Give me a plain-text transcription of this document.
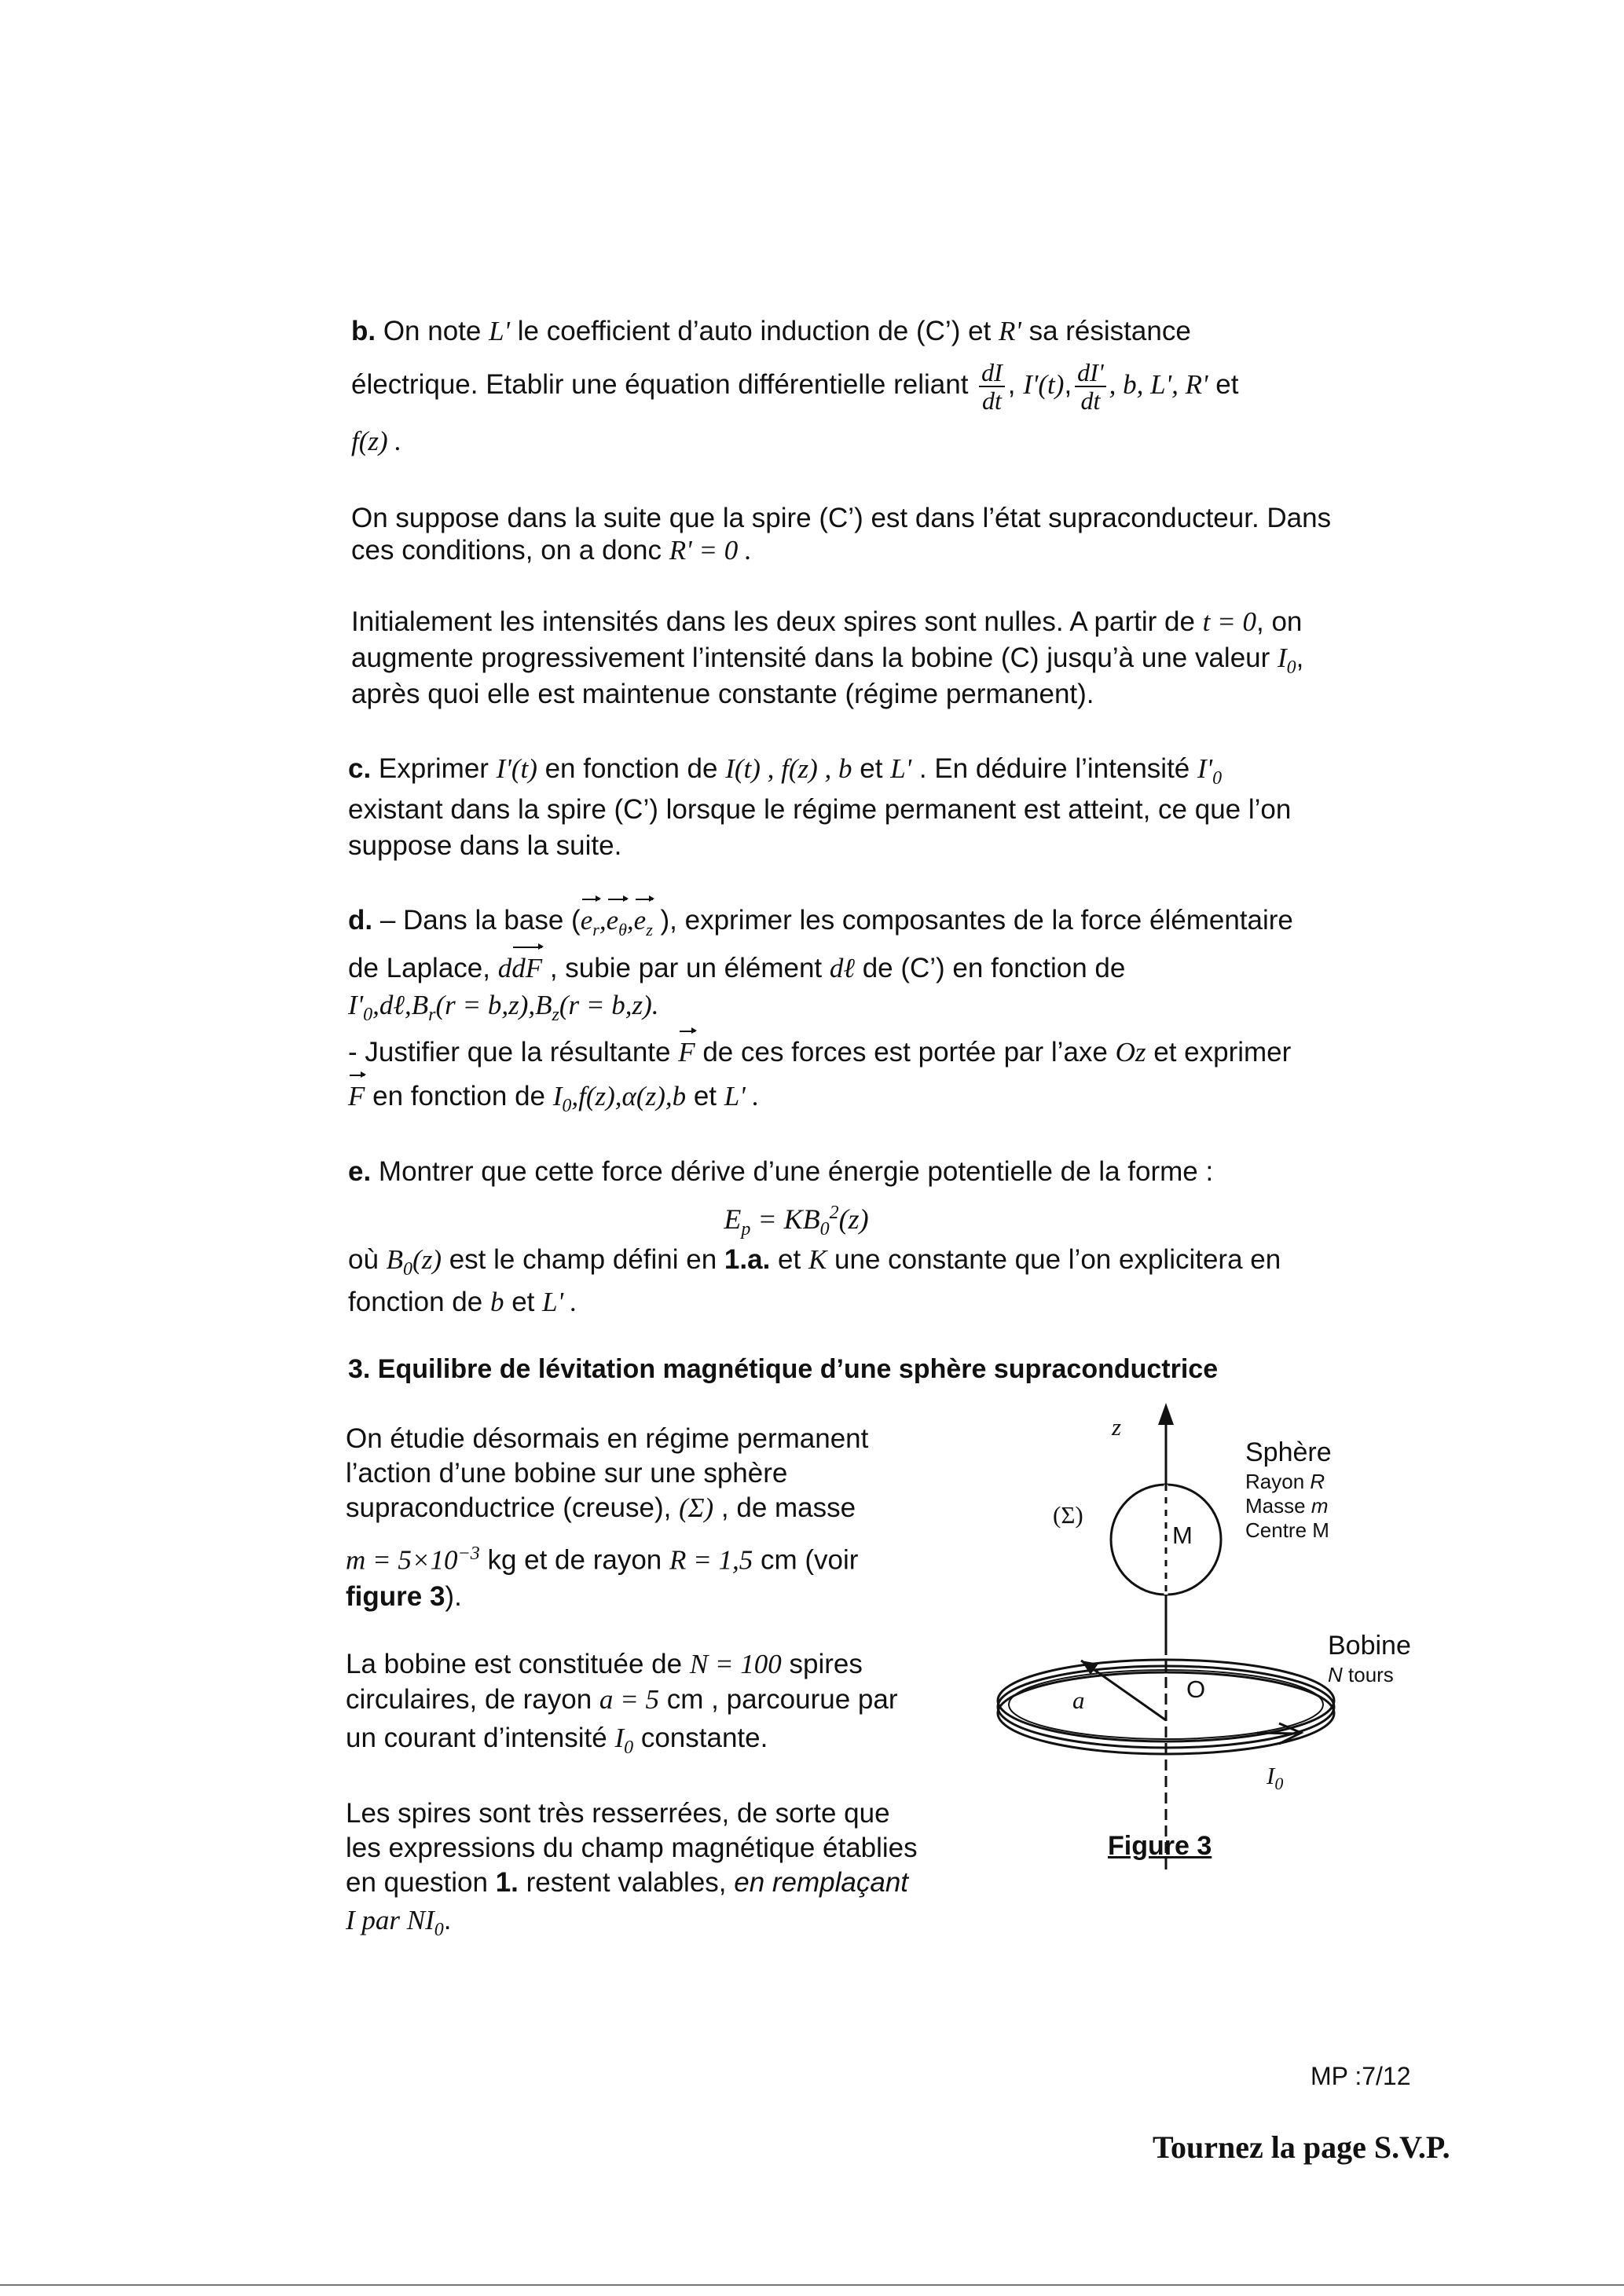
b. On note L' le coefficient d’auto induction de (C’) et R' sa résistance
électrique. Etablir une équation différentielle reliant $\frac{dI}{dt}$ , I'(t), $\frac{dI'}{dt}$ , b, L', R' et
f(z) .
On suppose dans la suite que la spire (C’) est dans l’état supraconducteur. Dans
ces conditions, on a donc R' = 0 .
Initialement les intensités dans les deux spires sont nulles. A partir de t = 0, on
augmente progressivement l’intensité dans la bobine (C) jusqu’à une valeur $I_0$,
après quoi elle est maintenue constante (régime permanent).
c. Exprimer I'(t) en fonction de I(t) , f(z) , b et L' . En déduire l’intensité $I'_0$
existant dans la spire (C’) lorsque le régime permanent est atteint, ce que l’on
suppose dans la suite.
d. – Dans la base ($e_r,e_\theta,e_z$ ), exprimer les composantes de la force élémentaire
de Laplace, ddF , subie par un élément dℓ de (C’) en fonction de
$I'_0,d\ell,B_r(r = b,z),B_z(r = b,z)$.
- Justifier que la résultante F de ces forces est portée par l’axe Oz et exprimer
F en fonction de $I_0,f(z),\alpha(z),b$ et L' .
e. Montrer que cette force dérive d’une énergie potentielle de la forme :
$E_p = KB_0^2(z)$
où $B_0(z)$ est le champ défini en 1.a. et K une constante que l’on explicitera en
fonction de b et L' .
3. Equilibre de lévitation magnétique d’une sphère supraconductrice
On étudie désormais en régime permanent
l’action d’une bobine sur une sphère
supraconductrice (creuse), (Σ) , de masse
$m = 5\times 10^{-3}$ kg et de rayon R = 1,5 cm (voir
figure 3).
La bobine est constituée de N = 100 spires
circulaires, de rayon a = 5 cm , parcourue par
un courant d’intensité $I_0$ constante.
Les spires sont très resserrées, de sorte que
les expressions du champ magnétique établies
en question 1. restent valables, en remplaçant
I par $NI_0$.
z
(Σ)
M
Sphère
Rayon R
Masse m
Centre M
Bobine
N tours
O
a
$I_0$
Figure 3
MP :7/12
Tournez la page S.V.P.
